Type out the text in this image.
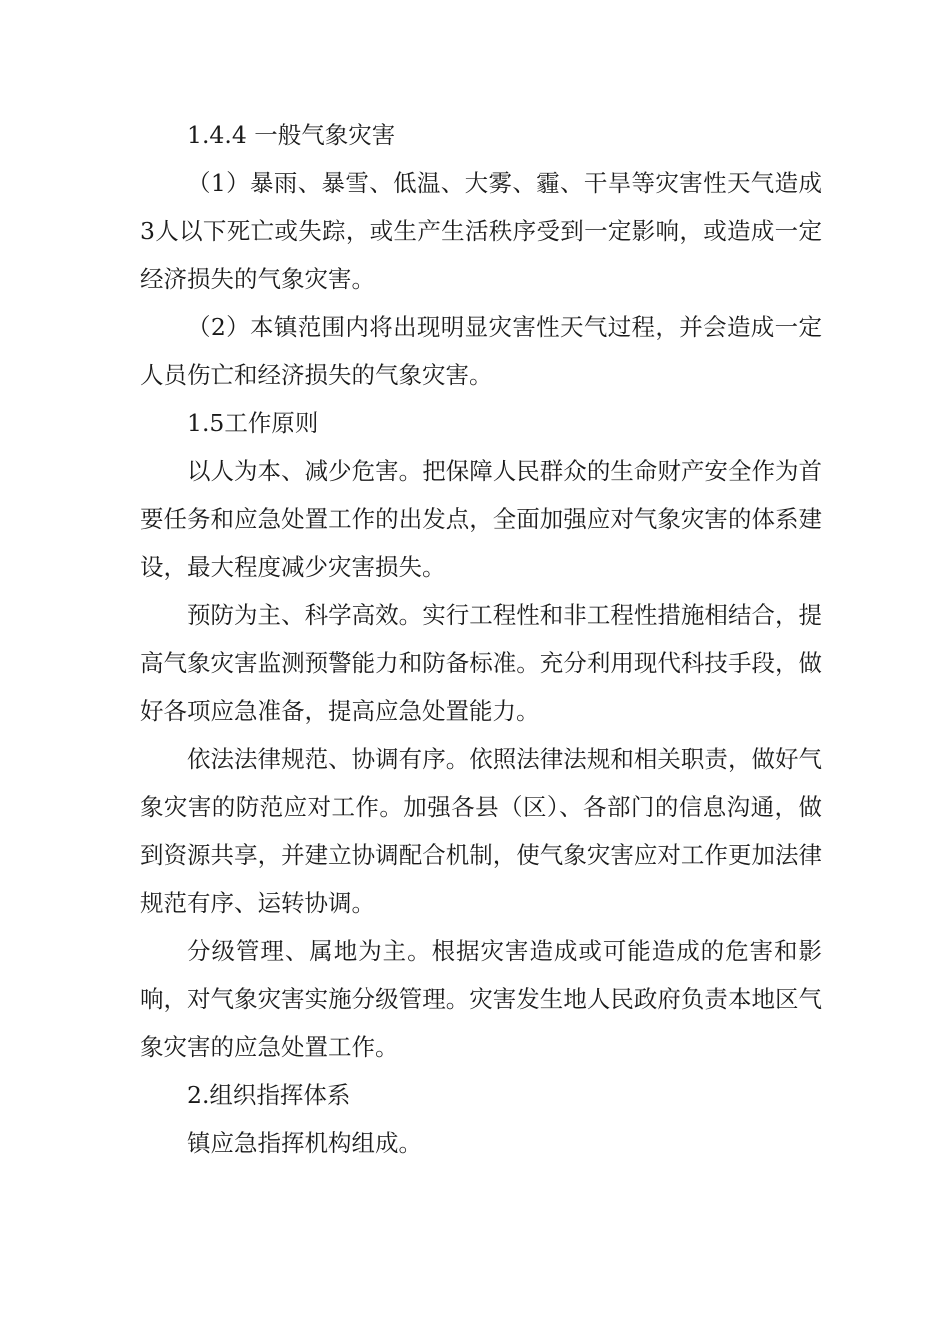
1.4.4 一般气象灾害

（1）暴雨、暴雪、低温、大雾、霾、干旱等灾害性天气造成3人以下死亡或失踪，或生产生活秩序受到一定影响，或造成一定经济损失的气象灾害。

（2）本镇范围内将出现明显灾害性天气过程，并会造成一定人员伤亡和经济损失的气象灾害。

1.5工作原则

以人为本、减少危害。把保障人民群众的生命财产安全作为首要任务和应急处置工作的出发点，全面加强应对气象灾害的体系建设，最大程度减少灾害损失。

预防为主、科学高效。实行工程性和非工程性措施相结合，提高气象灾害监测预警能力和防备标准。充分利用现代科技手段，做好各项应急准备，提高应急处置能力。

依法法律规范、协调有序。依照法律法规和相关职责，做好气象灾害的防范应对工作。加强各县（区）、各部门的信息沟通，做到资源共享，并建立协调配合机制，使气象灾害应对工作更加法律规范有序、运转协调。

分级管理、属地为主。根据灾害造成或可能造成的危害和影响，对气象灾害实施分级管理。灾害发生地人民政府负责本地区气象灾害的应急处置工作。

2.组织指挥体系

镇应急指挥机构组成。
